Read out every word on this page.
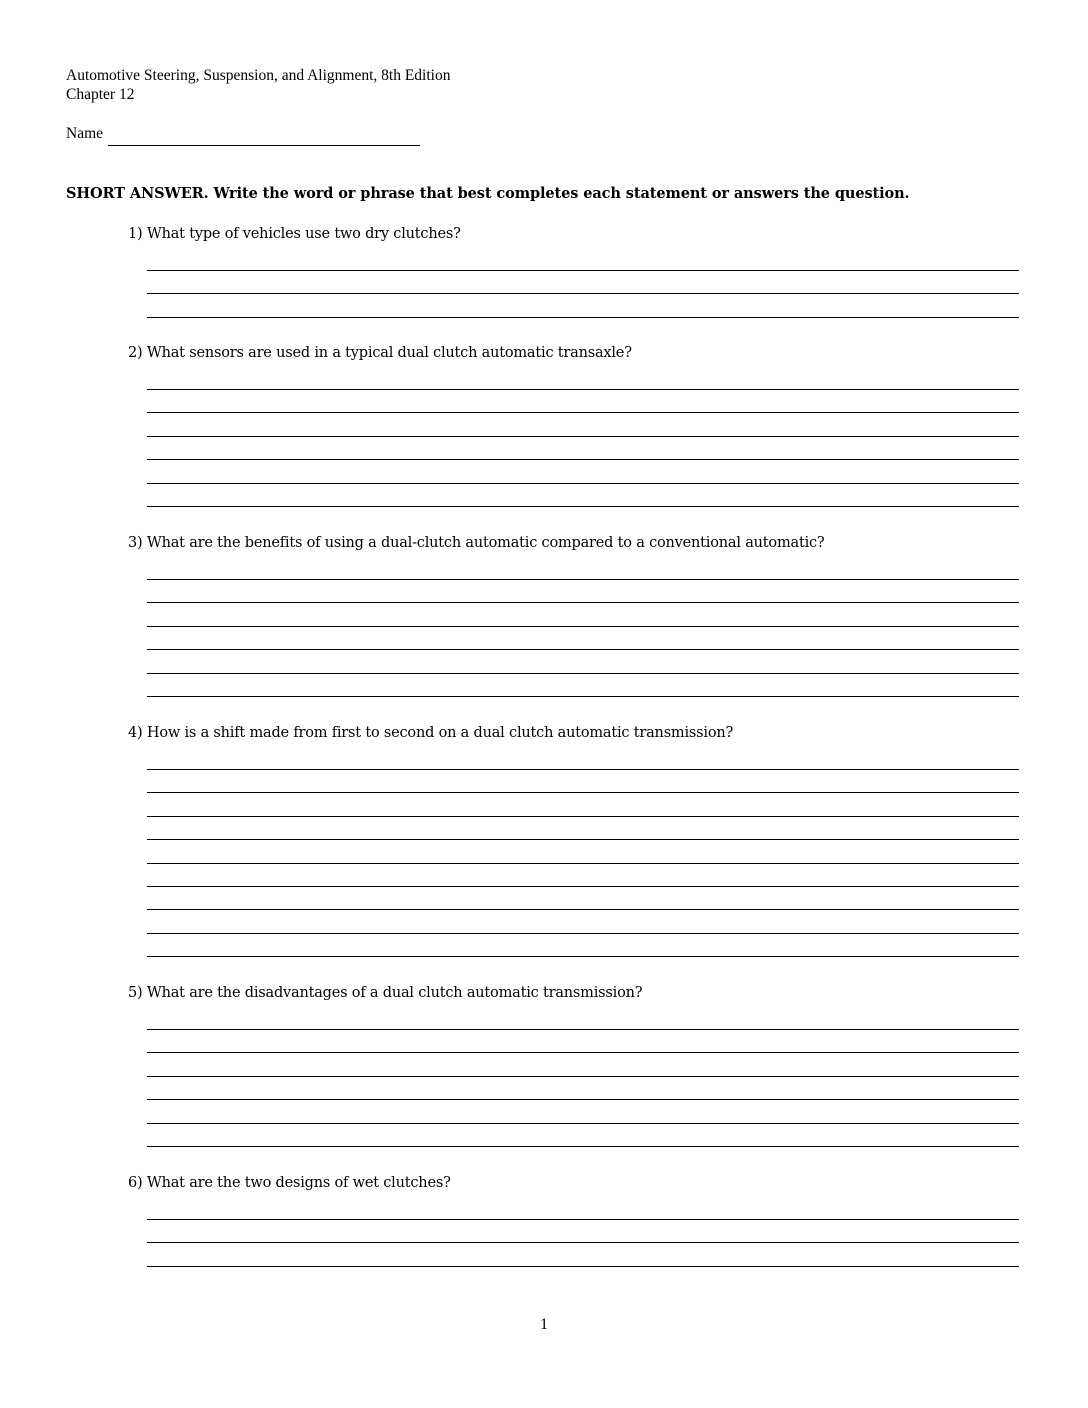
Automotive Steering, Suspension, and Alignment, 8th Edition
Chapter 12
Name
SHORT ANSWER. Write the word or phrase that best completes each statement or answers the question.
1) What type of vehicles use two dry clutches?
2) What sensors are used in a typical dual clutch automatic transaxle?
3) What are the benefits of using a dual-clutch automatic compared to a conventional automatic?
4) How is a shift made from first to second on a dual clutch automatic transmission?
5) What are the disadvantages of a dual clutch automatic transmission?
6) What are the two designs of wet clutches?
1
